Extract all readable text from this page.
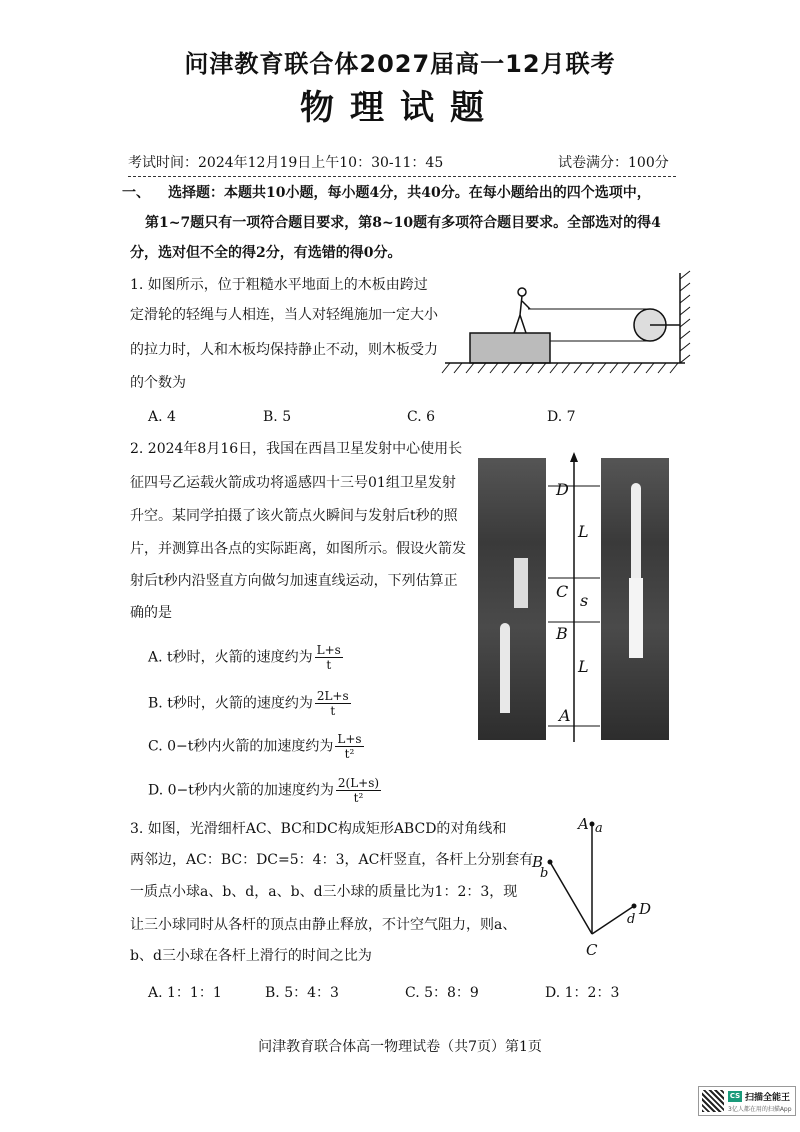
问津教育联合体2027届高一12月联考
物理试题
考试时间：2024年12月19日上午10：30-11：45	试卷满分：100分
一、 选择题：本题共10小题，每小题4分，共40分。在每小题给出的四个选项中，
第1~7题只有一项符合题目要求，第8~10题有多项符合题目要求。全部选对的得4
分，选对但不全的得2分，有选错的得0分。
1. 如图所示，位于粗糙水平地面上的木板由跨过
定滑轮的轻绳与人相连，当人对轻绳施加一定大小
的拉力时，人和木板均保持静止不动，则木板受力
的个数为
A. 4	B. 5	C. 6	D. 7
2. 2024年8月16日，我国在西昌卫星发射中心使用长
征四号乙运载火箭成功将遥感四十三号01组卫星发射
升空。某同学拍摄了该火箭点火瞬间与发射后t秒的照
片，并测算出各点的实际距离，如图所示。假设火箭发
射后t秒内沿竖直方向做匀加速直线运动，下列估算正
确的是
A. t秒时，火箭的速度约为 $\frac{L+s}{t}$
B. t秒时，火箭的速度约为 $\frac{2L+s}{t}$
C. 0−t秒内火箭的加速度约为 $\frac{L+s}{\text{t²}}$
D. 0−t秒内火箭的加速度约为 $\frac{2(L+s)}{\text{t²}}$
D
C
B
A
L
s
L
3. 如图，光滑细杆AC、BC和DC构成矩形ABCD的对角线和
两邻边，AC：BC：DC=5：4：3，AC杆竖直，各杆上分别套有
一质点小球a、b、d，a、b、d三小球的质量比为1：2：3，现
让三小球同时从各杆的顶点由静止释放，不计空气阻力，则a、
b、d三小球在各杆上滑行的时间之比为
A. 1：1：1	B. 5：4：3	C. 5：8：9	D. 1：2：3
A a
B
b
C
D
d
问津教育联合体高一物理试卷（共7页）第1页
CS 扫描全能王
3亿人都在用的扫描App
